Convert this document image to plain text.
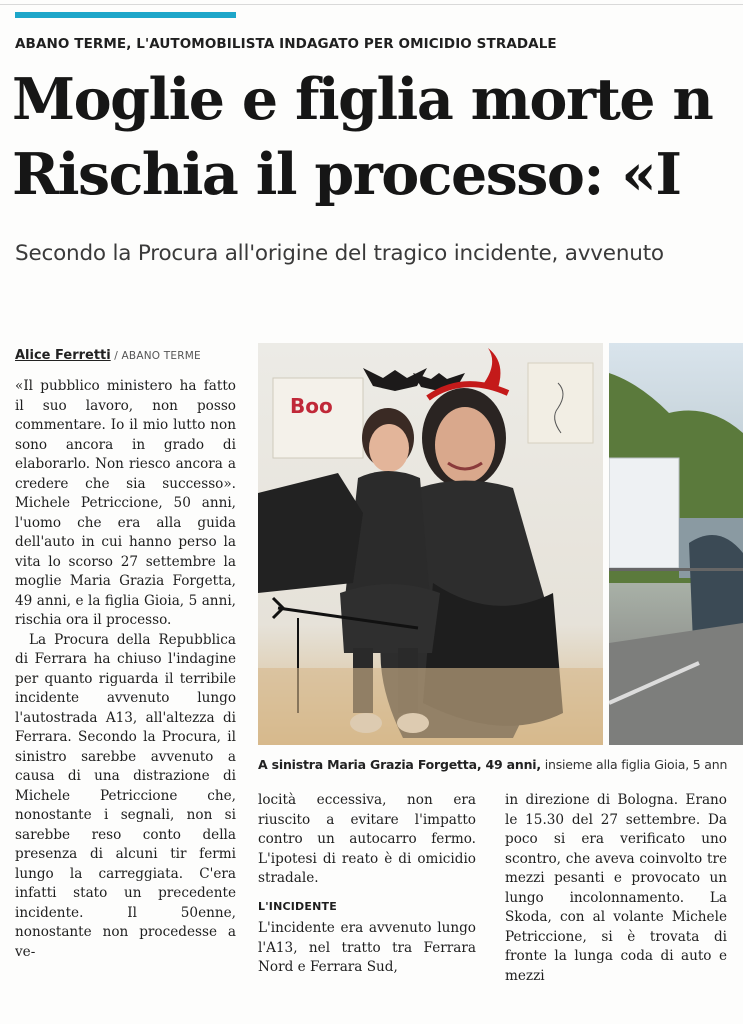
ABANO TERME, L'AUTOMOBILISTA INDAGATO PER OMICIDIO STRADALE
Moglie e figlia morte n
Rischia il processo: «I
Secondo la Procura all'origine del tragico incidente, avvenuto
Alice Ferretti / ABANO TERME

«Il pubblico ministero ha fatto il suo lavoro, non posso commentare. Io il mio lutto non sono ancora in grado di elaborarlo. Non riesco ancora a credere che sia successo». Michele Petriccione, 50 anni, l'uomo che era alla guida dell'auto in cui hanno perso la vita lo scorso 27 settembre la moglie Maria Grazia Forgetta, 49 anni, e la figlia Gioia, 5 anni, rischia ora il processo.

La Procura della Repubblica di Ferrara ha chiuso l'indagine per quanto riguarda il terribile incidente avvenuto lungo l'autostrada A13, all'altezza di Ferrara. Secondo la Procura, il sinistro sarebbe avvenuto a causa di una distrazione di Michele Petriccione che, nonostante i segnali, non si sarebbe reso conto della presenza di alcuni tir fermi lungo la carreggiata. C'era infatti stato un precedente incidente. Il 50enne, nonostante non procedesse a ve-

Boo
A sinistra Maria Grazia Forgetta, 49 anni, insieme alla figlia Gioia, 5 ann

locità eccessiva, non era riuscito a evitare l'impatto contro un autocarro fermo. L'ipotesi di reato è di omicidio stradale.

L'INCIDENTE

L'incidente era avvenuto lungo l'A13, nel tratto tra Ferrara Nord e Ferrara Sud,

in direzione di Bologna. Erano le 15.30 del 27 settembre. Da poco si era verificato uno scontro, che aveva coinvolto tre mezzi pesanti e provocato un lungo incolonnamento. La Skoda, con al volante Michele Petriccione, si è trovata di fronte la lunga coda di auto e mezzi
